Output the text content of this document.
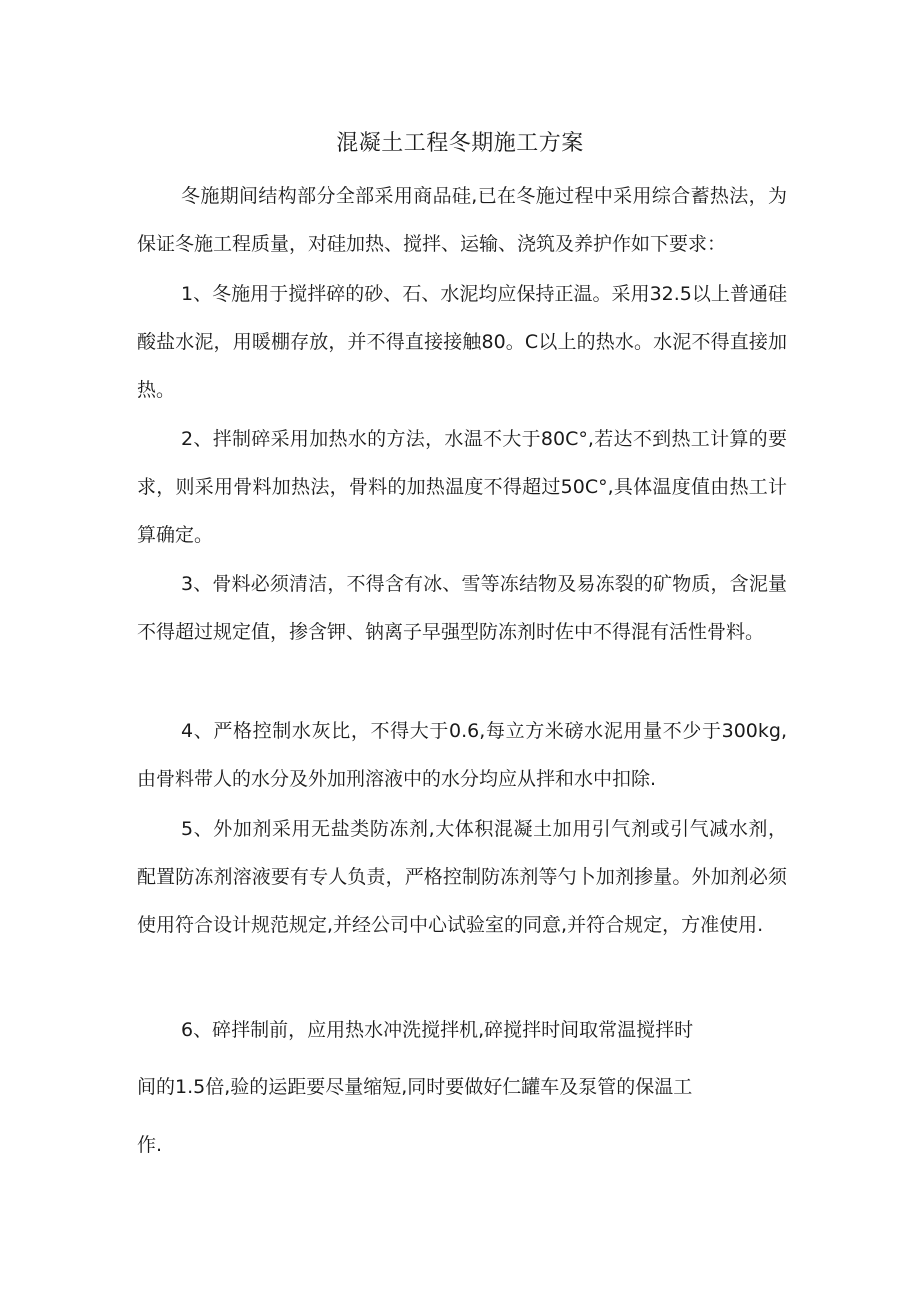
混凝土工程冬期施工方案

冬施期间结构部分全部采用商品硅,已在冬施过程中采用综合蓄热法，为保证冬施工程质量，对硅加热、搅拌、运输、浇筑及养护作如下要求：

1、冬施用于搅拌碎的砂、石、水泥均应保持正温。采用32.5以上普通硅酸盐水泥，用暖棚存放，并不得直接接触80。C以上的热水。水泥不得直接加热。

2、拌制碎采用加热水的方法，水温不大于80C°,若达不到热工计算的要求，则采用骨料加热法，骨料的加热温度不得超过50C°,具体温度值由热工计算确定。

3、骨料必须清洁，不得含有冰、雪等冻结物及易冻裂的矿物质，含泥量不得超过规定值，掺含钾、钠离子早强型防冻剂时佐中不得混有活性骨料。

4、严格控制水灰比，不得大于0.6,每立方米磅水泥用量不少于300kg,由骨料带人的水分及外加刑溶液中的水分均应从拌和水中扣除.

5、外加剂采用无盐类防冻剂,大体积混凝土加用引气剂或引气减水剂，配置防冻剂溶液要有专人负责，严格控制防冻剂等勺卜加剂掺量。外加剂必须使用符合设计规范规定,并经公司中心试验室的同意,并符合规定，方准使用.

6、碎拌制前，应用热水冲洗搅拌机,碎搅拌时间取常温搅拌时

间的1.5倍,验的运距要尽量缩短,同时要做好仁罐车及泵管的保温工

作.
